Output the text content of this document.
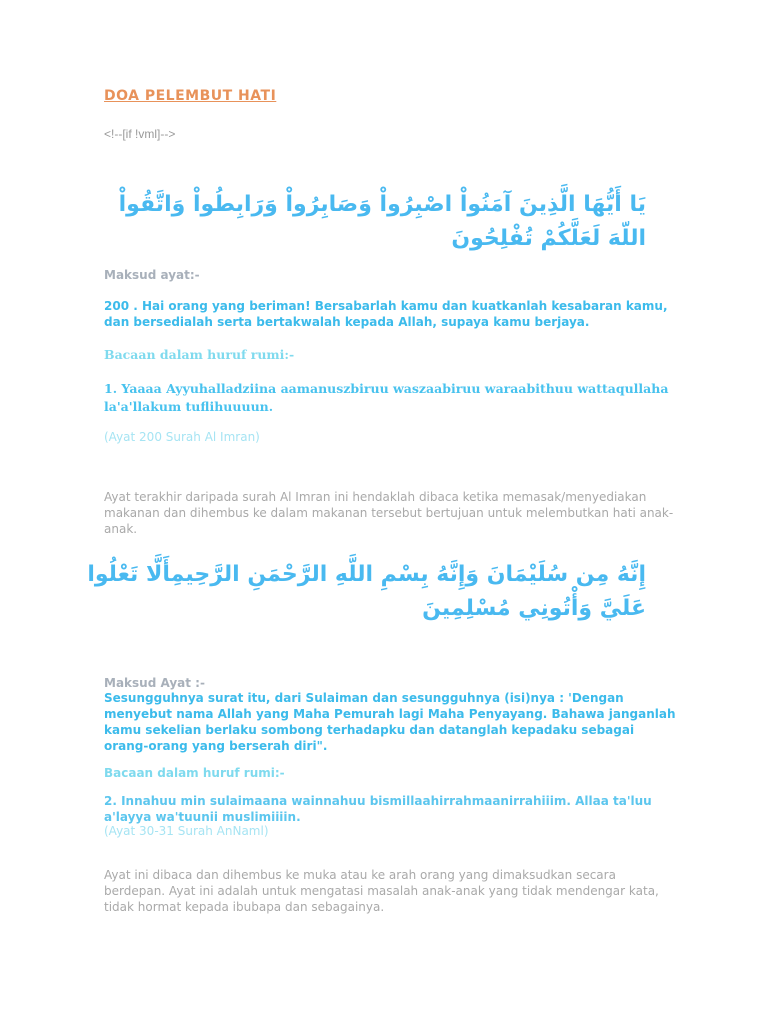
DOA PELEMBUT HATI
<!--[if !vml]-->
يَا أَيُّهَا الَّذِينَ آمَنُواْ اصْبِرُواْ وَصَابِرُواْ وَرَابِطُواْ وَاتَّقُواْ اللّهَ لَعَلَّكُمْ تُفْلِحُونَ
Maksud ayat:-
200 . Hai orang yang beriman! Bersabarlah kamu dan kuatkanlah kesabaran kamu, dan bersedialah serta bertakwalah kepada Allah, supaya kamu berjaya.
Bacaan dalam huruf rumi:-
1. Yaaaa Ayyuhalladziina aamanuszbiruu waszaabiruu waraabithuu wattaqullaha la'a'llakum tuflihuuuun.
(Ayat 200 Surah Al Imran)
Ayat terakhir daripada surah Al Imran ini hendaklah dibaca ketika memasak/menyediakan makanan dan dihembus ke dalam makanan tersebut bertujuan untuk melembutkan hati anak-anak.
إِنَّهُ مِن سُلَيْمَانَ وَإِنَّهُ بِسْمِ اللَّهِ الرَّحْمَنِ الرَّحِيمِأَلَّا تَعْلُوا عَلَيَّ وَأْتُونِي مُسْلِمِينَ
Maksud Ayat :-
Sesungguhnya surat itu, dari Sulaiman dan sesungguhnya (isi)nya : 'Dengan menyebut nama Allah yang Maha Pemurah lagi Maha Penyayang. Bahawa janganlah kamu sekelian berlaku sombong terhadapku dan datanglah kepadaku sebagai orang-orang yang berserah diri".
Bacaan dalam huruf rumi:-
2. Innahuu min sulaimaana wainnahuu bismillaahirrahmaanirrahiiim. Allaa ta'luu a'layya wa'tuunii muslimiiiin.
(Ayat 30-31 Surah AnNaml)
Ayat ini dibaca dan dihembus ke muka atau ke arah orang yang dimaksudkan secara berdepan. Ayat ini adalah untuk mengatasi masalah anak-anak yang tidak mendengar kata, tidak hormat kepada ibubapa dan sebagainya.
